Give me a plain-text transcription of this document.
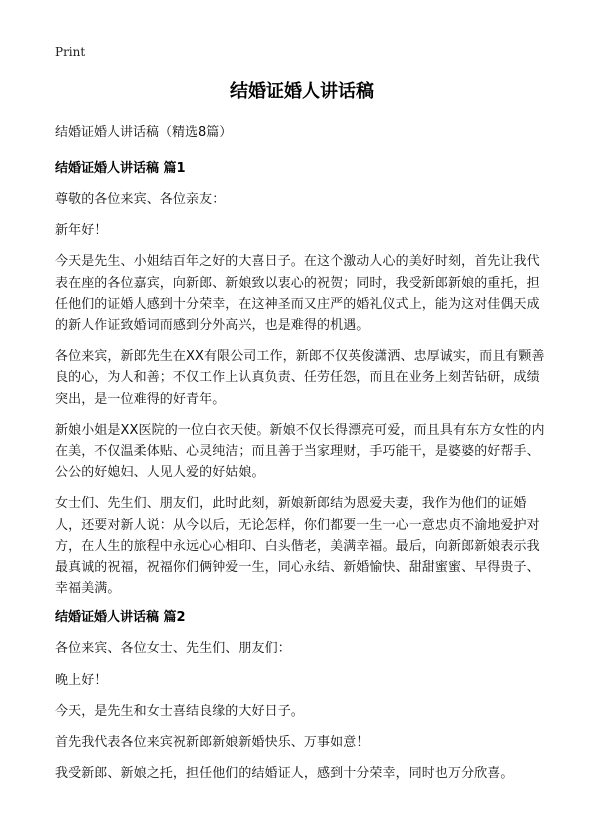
Print
结婚证婚人讲话稿

结婚证婚人讲话稿（精选8篇）

结婚证婚人讲话稿 篇1

尊敬的各位来宾、各位亲友：

新年好！

今天是先生、小姐结百年之好的大喜日子。在这个激动人心的美好时刻，首先让我代表在座的各位嘉宾，向新郎、新娘致以衷心的祝贺；同时，我受新郎新娘的重托，担任他们的证婚人感到十分荣幸，在这神圣而又庄严的婚礼仪式上，能为这对佳偶天成的新人作证致婚词而感到分外高兴，也是难得的机遇。

各位来宾，新郎先生在XX有限公司工作，新郎不仅英俊潇洒、忠厚诚实，而且有颗善良的心，为人和善；不仅工作上认真负责、任劳任怨，而且在业务上刻苦钻研，成绩突出，是一位难得的好青年。

新娘小姐是XX医院的一位白衣天使。新娘不仅长得漂亮可爱，而且具有东方女性的内在美，不仅温柔体贴、心灵纯洁；而且善于当家理财，手巧能干，是婆婆的好帮手、公公的好媳妇、人见人爱的好姑娘。

女士们、先生们、朋友们，此时此刻，新娘新郎结为恩爱夫妻，我作为他们的证婚人，还要对新人说：从今以后，无论怎样，你们都要一生一心一意忠贞不渝地爱护对方，在人生的旅程中永远心心相印、白头偕老，美满幸福。最后，向新郎新娘表示我最真诚的祝福，祝福你们俩钟爱一生，同心永结、新婚愉快、甜甜蜜蜜、早得贵子、幸福美满。

结婚证婚人讲话稿 篇2

各位来宾、各位女士、先生们、朋友们：

晚上好！

今天，是先生和女士喜结良缘的大好日子。

首先我代表各位来宾祝新郎新娘新婚快乐、万事如意！

我受新郎、新娘之托，担任他们的结婚证人，感到十分荣幸，同时也万分欣喜。
